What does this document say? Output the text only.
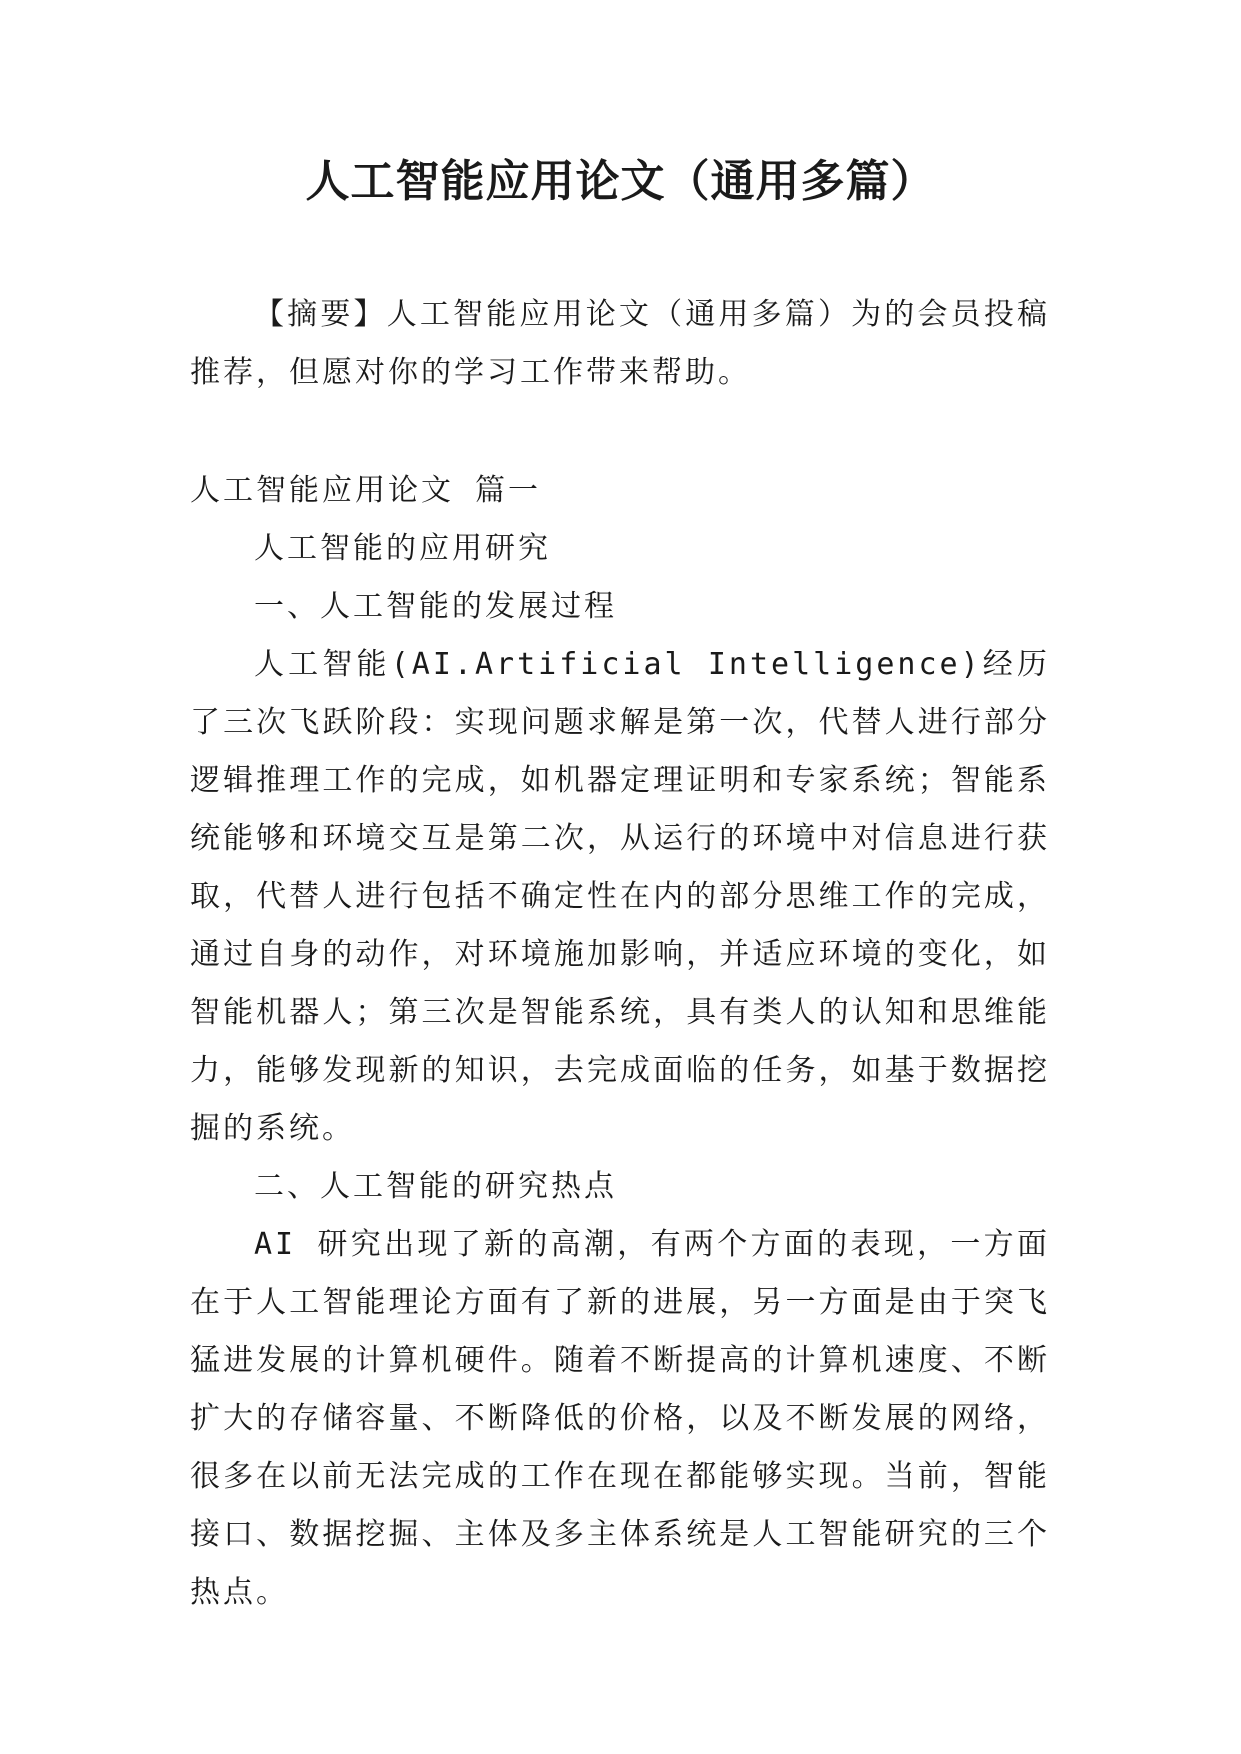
人工智能应用论文（通用多篇）

【摘要】人工智能应用论文（通用多篇）为的会员投稿推荐，但愿对你的学习工作带来帮助。

人工智能应用论文 篇一

人工智能的应用研究

一、人工智能的发展过程

人工智能(AI.Artificial Intelligence)经历了三次飞跃阶段：实现问题求解是第一次，代替人进行部分逻辑推理工作的完成，如机器定理证明和专家系统；智能系统能够和环境交互是第二次，从运行的环境中对信息进行获取，代替人进行包括不确定性在内的部分思维工作的完成，通过自身的动作，对环境施加影响，并适应环境的变化，如智能机器人；第三次是智能系统，具有类人的认知和思维能力，能够发现新的知识，去完成面临的任务，如基于数据挖掘的系统。

二、人工智能的研究热点

AI 研究出现了新的高潮，有两个方面的表现，一方面在于人工智能理论方面有了新的进展，另一方面是由于突飞猛进发展的计算机硬件。随着不断提高的计算机速度、不断扩大的存储容量、不断降低的价格，以及不断发展的网络，很多在以前无法完成的工作在现在都能够实现。当前，智能接口、数据挖掘、主体及多主体系统是人工智能研究的三个热点。
